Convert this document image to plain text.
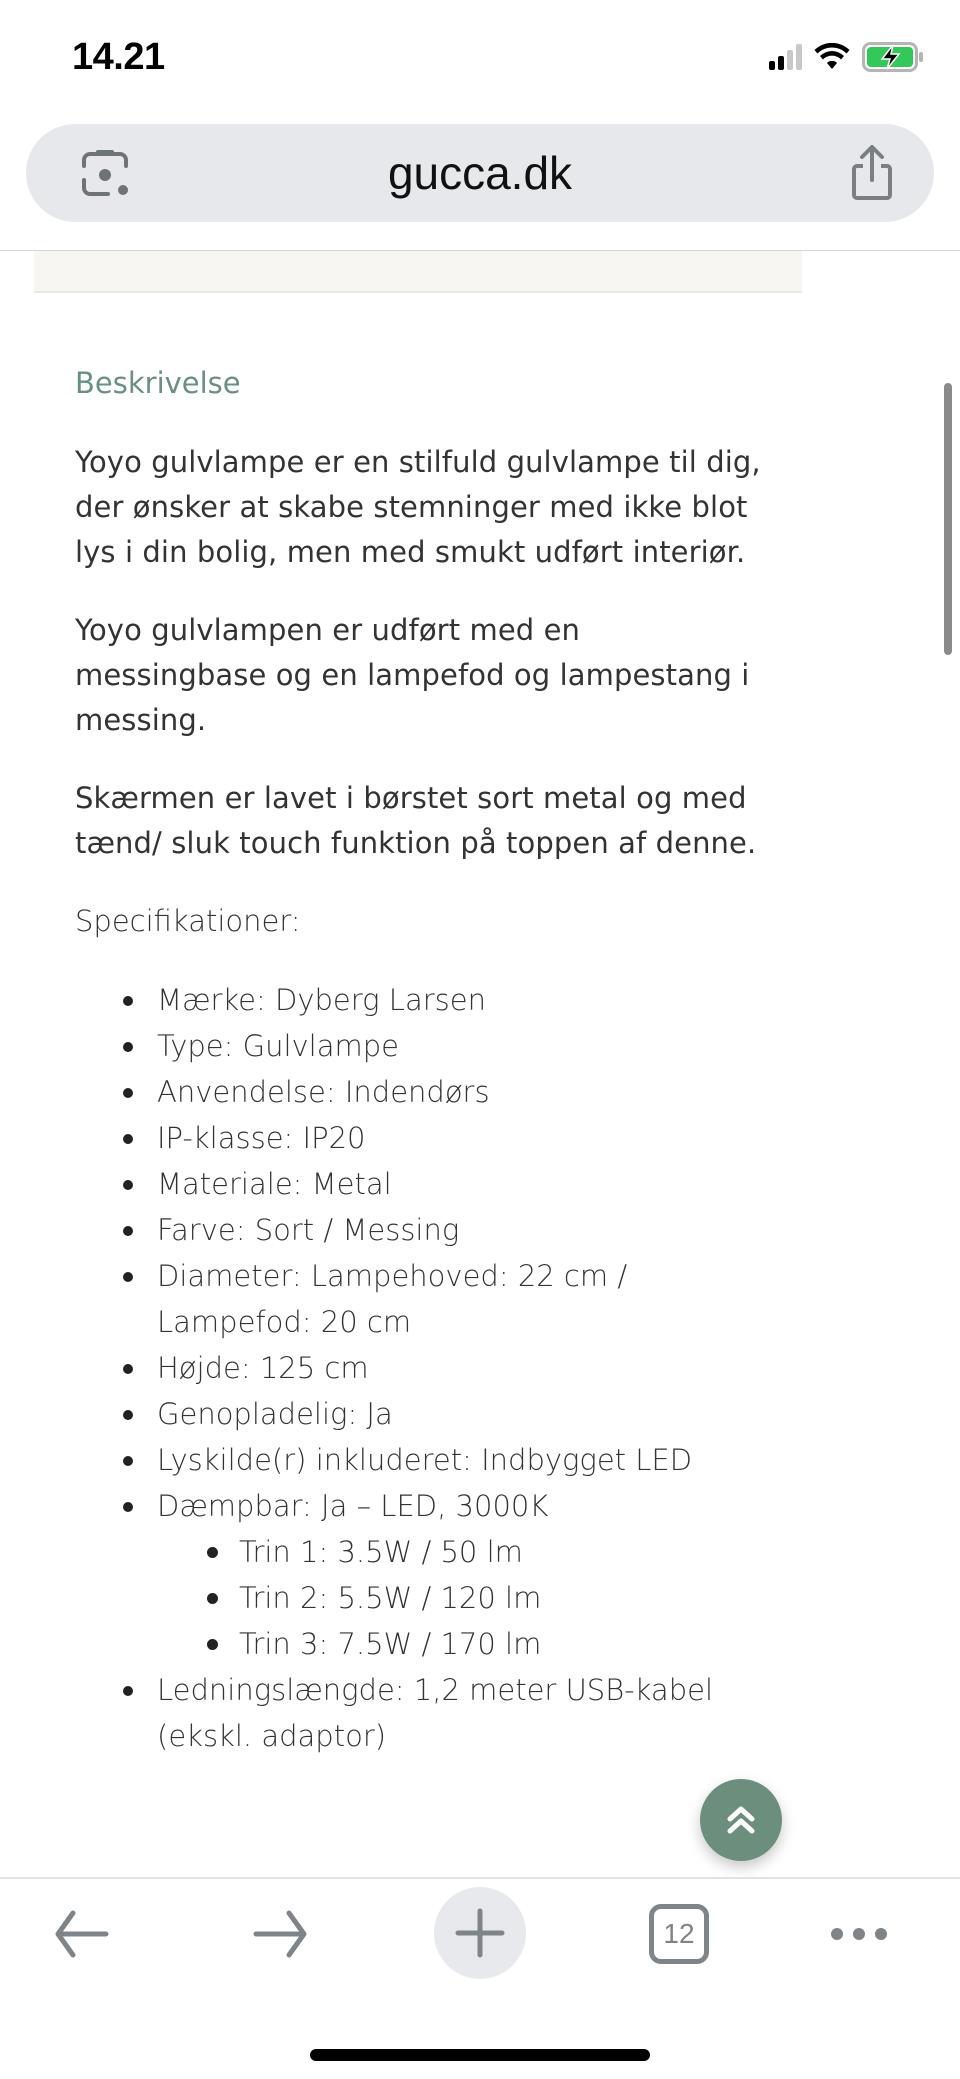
14.21
gucca.dk
Beskrivelse

Yoyo gulvlampe er en stilfuld gulvlampe til dig, der ønsker at skabe stemninger med ikke blot lys i din bolig, men med smukt udført interiør.

Yoyo gulvlampen er udført med en messingbase og en lampefod og lampestang i messing.

Skærmen er lavet i børstet sort metal og med tænd/ sluk touch funktion på toppen af denne.

Specifikationer:

Mærke: Dyberg Larsen
Type: Gulvlampe
Anvendelse: Indendørs
IP-klasse: IP20
Materiale: Metal
Farve: Sort / Messing
Diameter: Lampehoved: 22 cm / Lampefod: 20 cm
Højde: 125 cm
Genopladelig: Ja
Lyskilde(r) inkluderet: Indbygget LED
Dæmpbar: Ja – LED, 3000K
Trin 1: 3.5W / 50 lm
Trin 2: 5.5W / 120 lm
Trin 3: 7.5W / 170 lm
Ledningslængde: 1,2 meter USB-kabel (ekskl. adaptor)
12
